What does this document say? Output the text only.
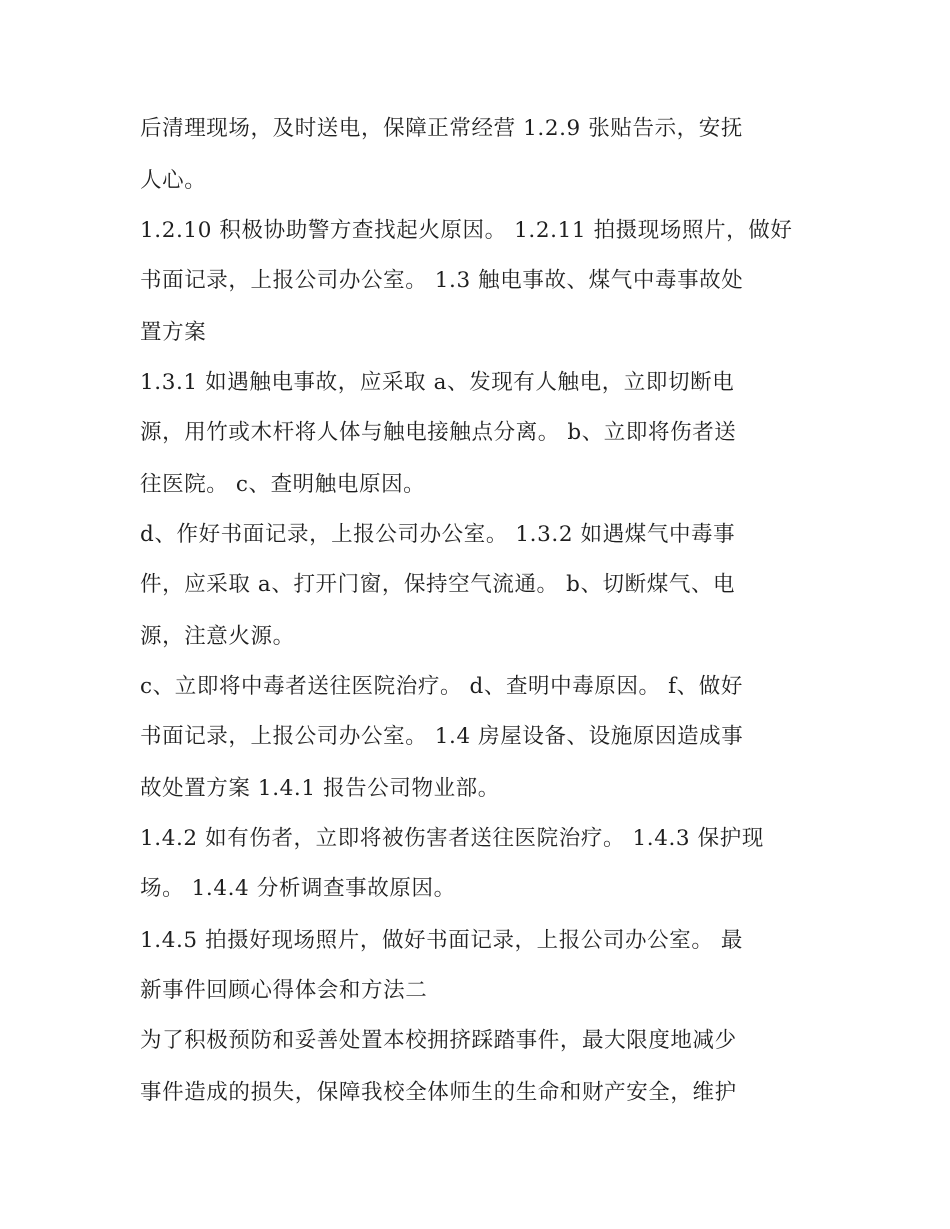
后清理现场，及时送电，保障正常经营 1.2.9 张贴告示，安抚
人心。
1.2.10 积极协助警方查找起火原因。 1.2.11 拍摄现场照片，做好
书面记录，上报公司办公室。 1.3 触电事故、煤气中毒事故处
置方案
1.3.1 如遇触电事故，应采取 a、发现有人触电，立即切断电
源，用竹或木杆将人体与触电接触点分离。 b、立即将伤者送
往医院。 c、查明触电原因。
d、作好书面记录，上报公司办公室。 1.3.2 如遇煤气中毒事
件，应采取 a、打开门窗，保持空气流通。 b、切断煤气、电
源，注意火源。
c、立即将中毒者送往医院治疗。 d、查明中毒原因。 f、做好
书面记录，上报公司办公室。 1.4 房屋设备、设施原因造成事
故处置方案 1.4.1 报告公司物业部。
1.4.2 如有伤者，立即将被伤害者送往医院治疗。 1.4.3 保护现
场。 1.4.4 分析调查事故原因。
1.4.5 拍摄好现场照片，做好书面记录，上报公司办公室。 最
新事件回顾心得体会和方法二
为了积极预防和妥善处置本校拥挤踩踏事件，最大限度地减少
事件造成的损失，保障我校全体师生的生命和财产安全，维护
